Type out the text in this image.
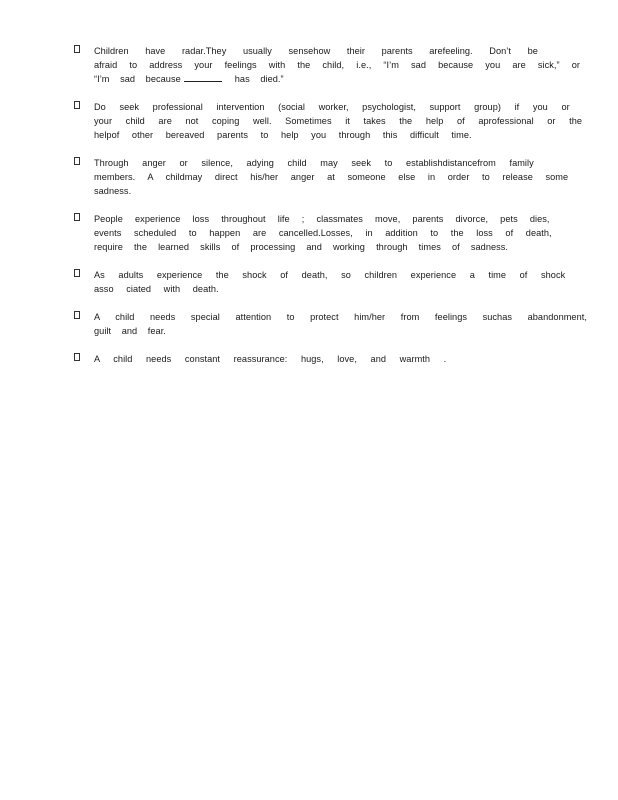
Children have radar.They usually sensehow their parents arefeeling. Don’t be
afraid to address your feelings with the child, i.e., “I’m sad because you are sick,” or
“I’m sad because	has died.”
Do seek professional intervention (social worker, psychologist, support group) if you or
your child are not coping well. Sometimes it takes the help of aprofessional or the
helpof other bereaved parents to help you through this difficult time.
Through anger or silence, adying child may seek to establishdistancefrom family
members. A childmay direct his/her anger at someone else in order to release some
sadness.
People experience loss throughout life ; classmates move, parents divorce, pets dies,
events scheduled to happen are cancelled.Losses, in addition to the loss of death,
require the learned skills of processing and working through times of sadness.
As adults experience the shock of death, so children experience a time of shock
asso ciated with death.
A child needs special attention to protect him/her from feelings suchas abandonment,
guilt and fear.
A child needs constant reassurance: hugs, love, and warmth .
